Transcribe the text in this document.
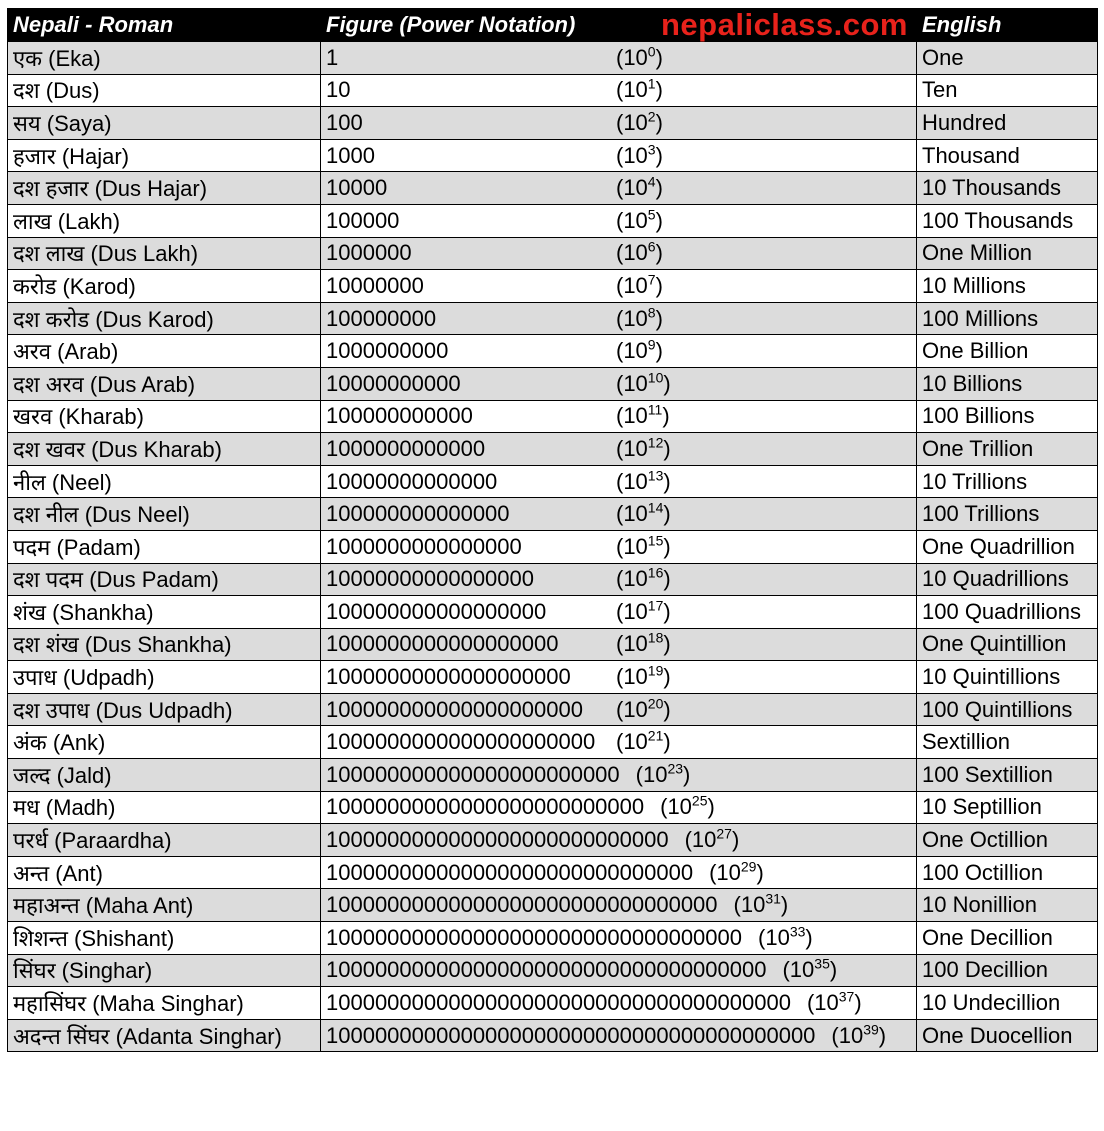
Nepali - Roman	Figure (Power Notation) nepaliclass.com	English
एक (Eka)	1 $(10^0)$	One
दश (Dus)	10 $(10^1)$	Ten
सय (Saya)	100 $(10^2)$	Hundred
हजार (Hajar)	1000 $(10^3)$	Thousand
दश हजार (Dus Hajar)	10000 $(10^4)$	10 Thousands
लाख (Lakh)	100000 $(10^5)$	100 Thousands
दश लाख (Dus Lakh)	1000000 $(10^6)$	One Million
करोड (Karod)	10000000 $(10^7)$	10 Millions
दश करोड (Dus Karod)	100000000 $(10^8)$	100 Millions
अरव (Arab)	1000000000 $(10^9)$	One Billion
दश अरव (Dus Arab)	10000000000 $(10^{10})$	10 Billions
खरव (Kharab)	100000000000 $(10^{11})$	100 Billions
दश खवर (Dus Kharab)	1000000000000 $(10^{12})$	One Trillion
नील (Neel)	10000000000000 $(10^{13})$	10 Trillions
दश नील (Dus Neel)	100000000000000 $(10^{14})$	100 Trillions
पदम (Padam)	1000000000000000 $(10^{15})$	One Quadrillion
दश पदम (Dus Padam)	10000000000000000 $(10^{16})$	10 Quadrillions
शंख (Shankha)	100000000000000000 $(10^{17})$	100 Quadrillions
दश शंख (Dus Shankha)	1000000000000000000 $(10^{18})$	One Quintillion
उपाध (Udpadh)	10000000000000000000 $(10^{19})$	10 Quintillions
दश उपाध (Dus Udpadh)	100000000000000000000 $(10^{20})$	100 Quintillions
अंक (Ank)	1000000000000000000000 $(10^{21})$	Sextillion
जल्द (Jald)	100000000000000000000000 $(10^{23})$	100 Sextillion
मध (Madh)	10000000000000000000000000 $(10^{25})$	10 Septillion
परर्ध (Paraardha)	1000000000000000000000000000 $(10^{27})$	One Octillion
अन्त (Ant)	100000000000000000000000000000 $(10^{29})$	100 Octillion
महाअन्त (Maha Ant)	10000000000000000000000000000000 $(10^{31})$	10 Nonillion
शिशन्त (Shishant)	1000000000000000000000000000000000 $(10^{33})$	One Decillion
सिंघर (Singhar)	100000000000000000000000000000000000 $(10^{35})$	100 Decillion
महासिंघर (Maha Singhar)	10000000000000000000000000000000000000 $(10^{37})$	10 Undecillion
अदन्त सिंघर (Adanta Singhar)	1000000000000000000000000000000000000000 $(10^{39})$	One Duocellion
